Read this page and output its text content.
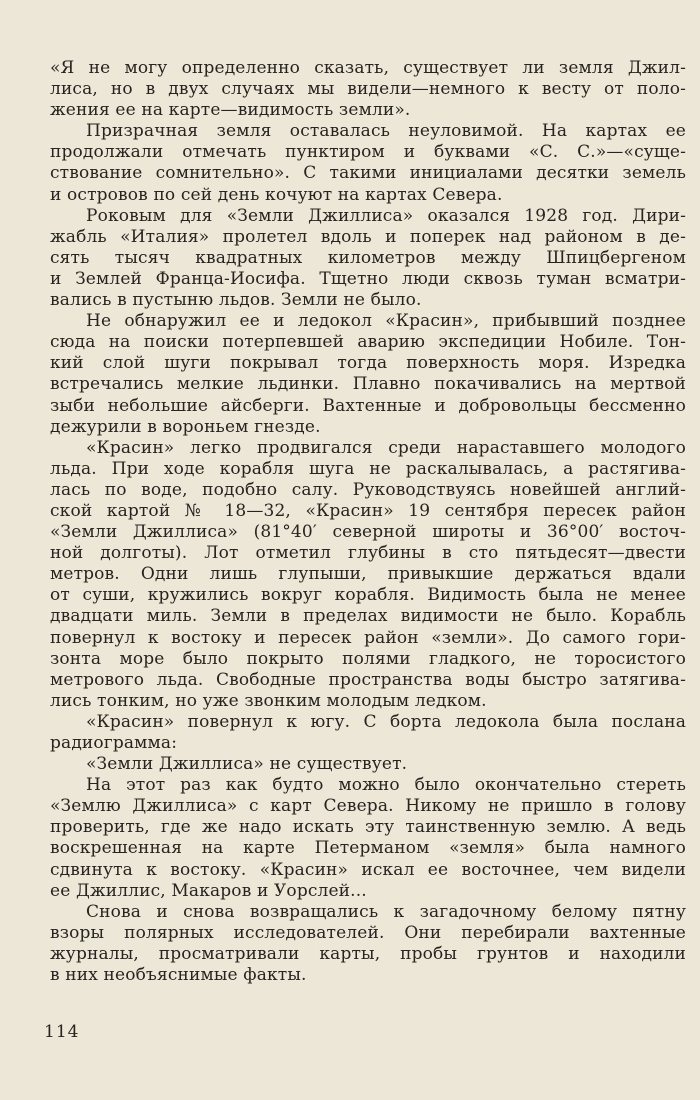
«Я не могу определенно сказать, существует ли земля Джил-
лиса, но в двух случаях мы видели—немного к весту от поло-
жения ее на карте—видимость земли».
Призрачная земля оставалась неуловимой. На картах ее
продолжали отмечать пунктиром и буквами «С. С.»—«суще-
ствование сомнительно». С такими инициалами десятки земель
и островов по сей день кочуют на картах Севера.
Роковым для «Земли Джиллиса» оказался 1928 год. Дири-
жабль «Италия» пролетел вдоль и поперек над районом в де-
сять тысяч квадратных километров между Шпицбергеном
и Землей Франца-Иосифа. Тщетно люди сквозь туман всматри-
вались в пустыню льдов. Земли не было.
Не обнаружил ее и ледокол «Красин», прибывший позднее
сюда на поиски потерпевшей аварию экспедиции Нобиле. Тон-
кий слой шуги покрывал тогда поверхность моря. Изредка
встречались мелкие льдинки. Плавно покачивались на мертвой
зыби небольшие айсберги. Вахтенные и добровольцы бессменно
дежурили в вороньем гнезде.
«Красин» легко продвигался среди нараставшего молодого
льда. При ходе корабля шуга не раскалывалась, а растягива-
лась по воде, подобно салу. Руководствуясь новейшей англий-
ской картой № 18—32, «Красин» 19 сентября пересек район
«Земли Джиллиса» (81°40′ северной широты и 36°00′ восточ-
ной долготы). Лот отметил глубины в сто пятьдесят—двести
метров. Одни лишь глупыши, привыкшие держаться вдали
от суши, кружились вокруг корабля. Видимость была не менее
двадцати миль. Земли в пределах видимости не было. Корабль
повернул к востоку и пересек район «земли». До самого гори-
зонта море было покрыто полями гладкого, не торосистого
метрового льда. Свободные пространства воды быстро затягива-
лись тонким, но уже звонким молодым ледком.
«Красин» повернул к югу. С борта ледокола была послана
радиограмма:
«Земли Джиллиса» не существует.
На этот раз как будто можно было окончательно стереть
«Землю Джиллиса» с карт Севера. Никому не пришло в голову
проверить, где же надо искать эту таинственную землю. А ведь
воскрешенная на карте Петерманом «земля» была намного
сдвинута к востоку. «Красин» искал ее восточнее, чем видели
ее Джиллис, Макаров и Уорслей...
Снова и снова возвращались к загадочному белому пятну
взоры полярных исследователей. Они перебирали вахтенные
журналы, просматривали карты, пробы грунтов и находили
в них необъяснимые факты.
114
